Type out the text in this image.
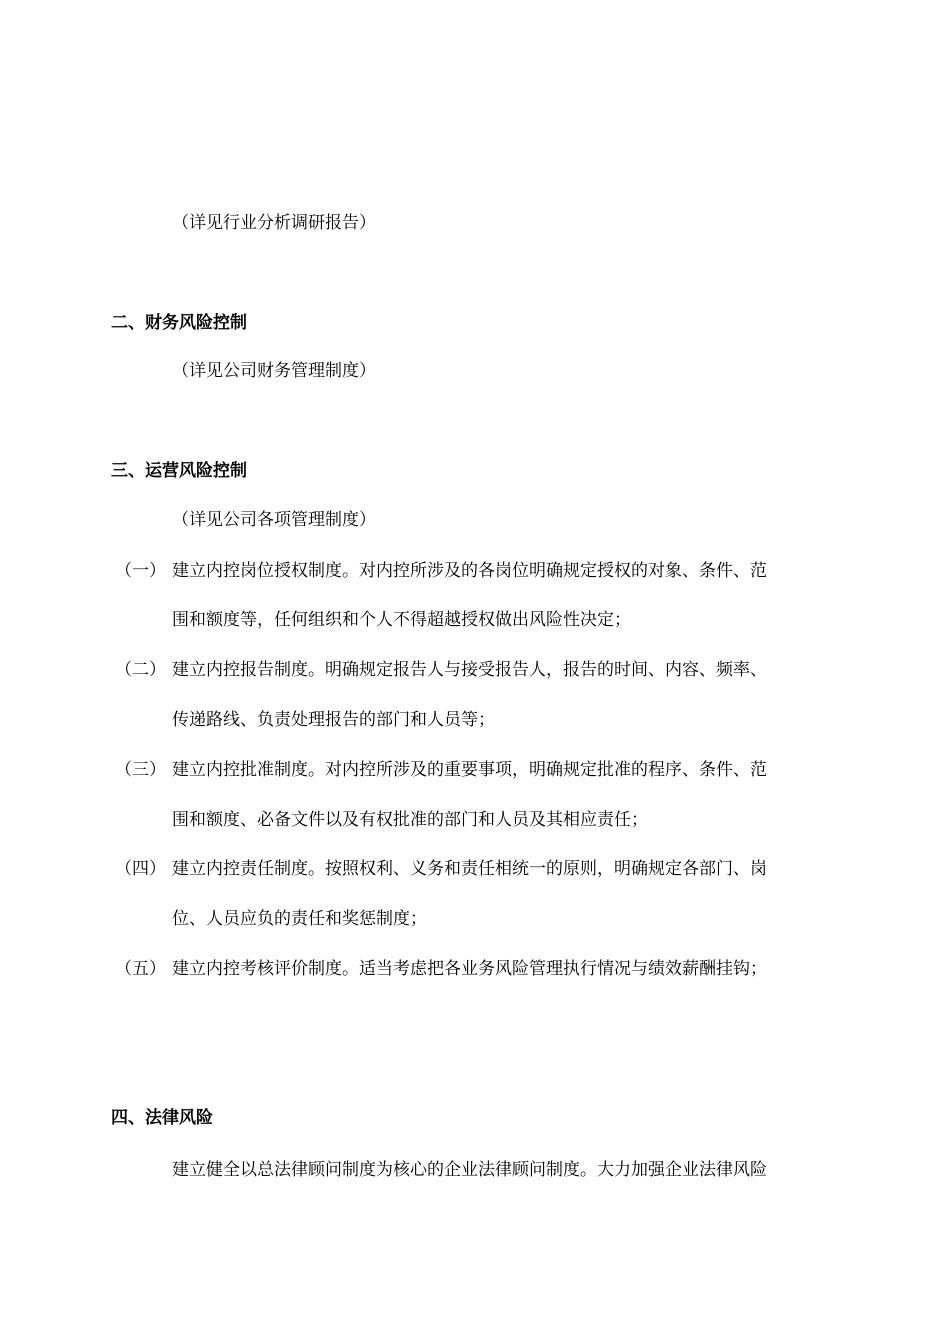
（详见行业分析调研报告）
二、财务风险控制
（详见公司财务管理制度）
三、运营风险控制
（详见公司各项管理制度）
（一） 建立内控岗位授权制度。对内控所涉及的各岗位明确规定授权的对象、条件、范
围和额度等，任何组织和个人不得超越授权做出风险性决定；
（二） 建立内控报告制度。明确规定报告人与接受报告人，报告的时间、内容、频率、
传递路线、负责处理报告的部门和人员等；
（三） 建立内控批准制度。对内控所涉及的重要事项，明确规定批准的程序、条件、范
围和额度、必备文件以及有权批准的部门和人员及其相应责任；
（四） 建立内控责任制度。按照权利、义务和责任相统一的原则，明确规定各部门、岗
位、人员应负的责任和奖惩制度；
（五） 建立内控考核评价制度。适当考虑把各业务风险管理执行情况与绩效薪酬挂钩；
四、法律风险
建立健全以总法律顾问制度为核心的企业法律顾问制度。大力加强企业法律风险
